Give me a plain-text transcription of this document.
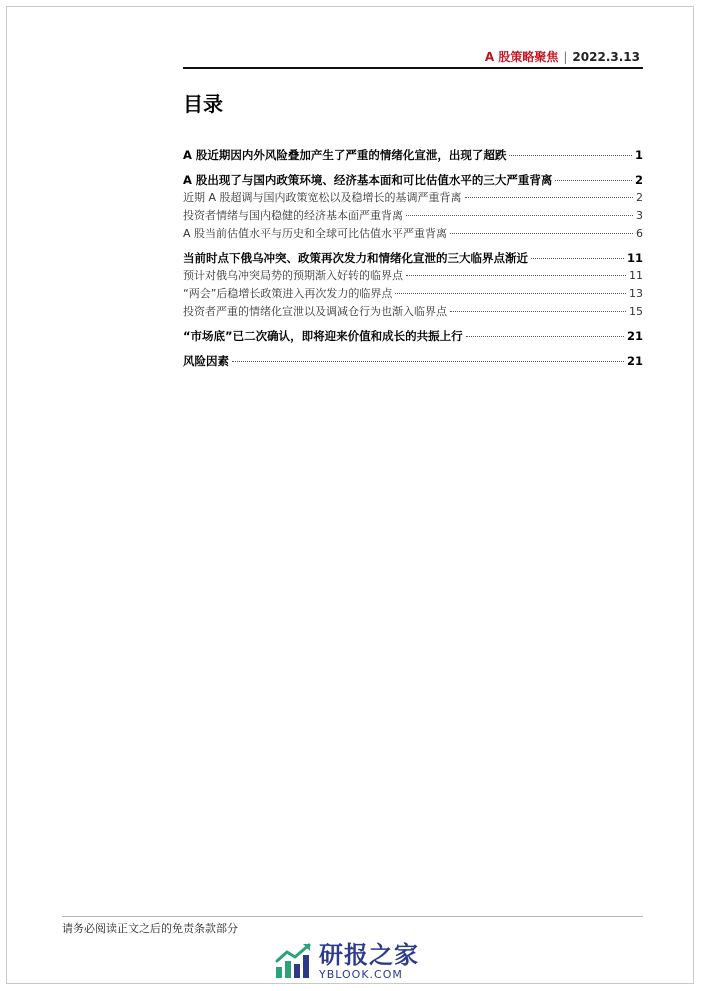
A 股策略聚焦 | 2022.3.13
目录
A 股近期因内外风险叠加产生了严重的情绪化宣泄，出现了超跌	1
A 股出现了与国内政策环境、经济基本面和可比估值水平的三大严重背离	2
近期 A 股超调与国内政策宽松以及稳增长的基调严重背离	2
投资者情绪与国内稳健的经济基本面严重背离	3
A 股当前估值水平与历史和全球可比估值水平严重背离	6
当前时点下俄乌冲突、政策再次发力和情绪化宣泄的三大临界点渐近	11
预计对俄乌冲突局势的预期渐入好转的临界点	11
“两会”后稳增长政策进入再次发力的临界点	13
投资者严重的情绪化宣泄以及调减仓行为也渐入临界点	15
“市场底”已二次确认，即将迎来价值和成长的共振上行	21
风险因素	21
请务必阅读正文之后的免责条款部分
研报之家
YBLOOK.COM
